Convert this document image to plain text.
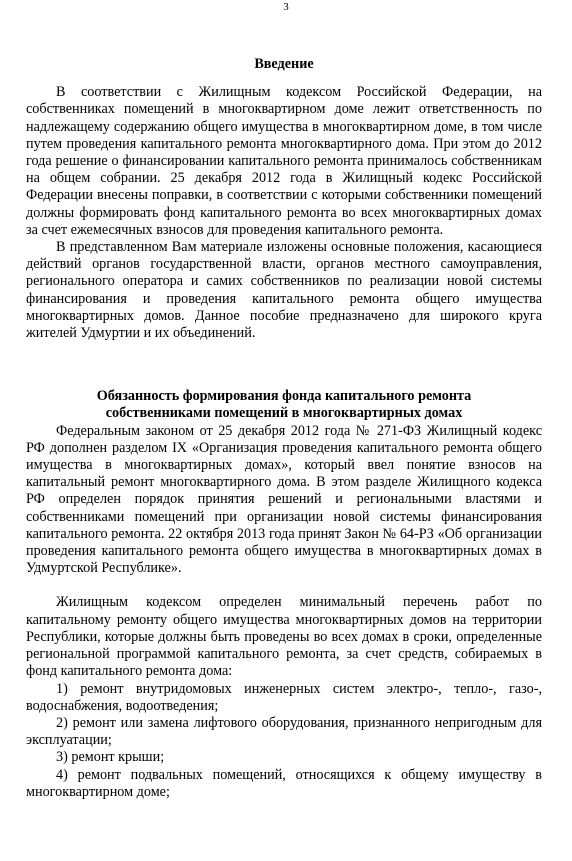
3
Введение

В соответствии с Жилищным кодексом Российской Федерации, на собственниках помещений в многоквартирном доме лежит ответственность по надлежащему содержанию общего имущества в многоквартирном доме, в том числе путем проведения капитального ремонта многоквартирного дома. При этом до 2012 года решение о финансировании капитального ремонта принималось собственникам на общем собрании. 25 декабря 2012 года в Жилищный кодекс Российской Федерации внесены поправки, в соответствии с которыми собственники помещений должны формировать фонд капитального ремонта во всех многоквартирных домах за счет ежемесячных взносов для проведения капитального ремонта.

В представленном Вам материале изложены основные положения, касающиеся действий органов государственной власти, органов местного самоуправления, регионального оператора и самих собственников по реализации новой системы финансирования и проведения капитального ремонта общего имущества многоквартирных домов. Данное пособие предназначено для широкого круга жителей Удмуртии и их объединений.

Обязанность формирования фонда капитального ремонта
собственниками помещений в многоквартирных домах

Федеральным законом от 25 декабря 2012 года № 271-ФЗ Жилищный кодекс РФ дополнен разделом IX «Организация проведения капитального ремонта общего имущества в многоквартирных домах», который ввел понятие взносов на капитальный ремонт многоквартирного дома. В этом разделе Жилищного кодекса РФ определен порядок принятия решений и региональными властями и собственниками помещений при организации новой системы финансирования капитального ремонта. 22 октября 2013 года принят Закон № 64-РЗ «Об организации проведения капитального ремонта общего имущества в многоквартирных домах в Удмуртской Республике».

Жилищным кодексом определен минимальный перечень работ по капитальному ремонту общего имущества многоквартирных домов на территории Республики, которые должны быть проведены во всех домах в сроки, определенные региональной программой капитального ремонта, за счет средств, собираемых в фонд капитального ремонта дома:

1) ремонт внутридомовых инженерных систем электро-, тепло-, газо-, водоснабжения, водоотведения;
2) ремонт или замена лифтового оборудования, признанного непригодным для эксплуатации;
3) ремонт крыши;
4) ремонт подвальных помещений, относящихся к общему имуществу в многоквартирном доме;
